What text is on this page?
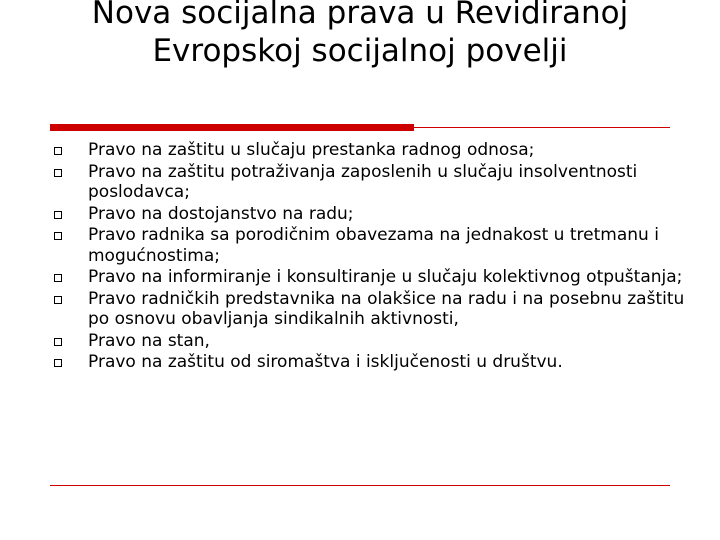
Nova socijalna prava u Revidiranoj
Evropskoj socijalnoj povelji
Pravo na zaštitu u slučaju prestanka radnog odnosa;
Pravo na zaštitu potraživanja zaposlenih u slučaju insolventnosti poslodavca;
Pravo na dostojanstvo na radu;
Pravo radnika sa porodičnim obavezama na jednakost u tretmanu i mogućnostima;
Pravo na informiranje i konsultiranje u slučaju kolektivnog otpuštanja;
Pravo radničkih predstavnika na olakšice na radu i na posebnu zaštitu po osnovu obavljanja sindikalnih aktivnosti,
Pravo na stan,
Pravo na zaštitu od siromaštva i isključenosti u društvu.
